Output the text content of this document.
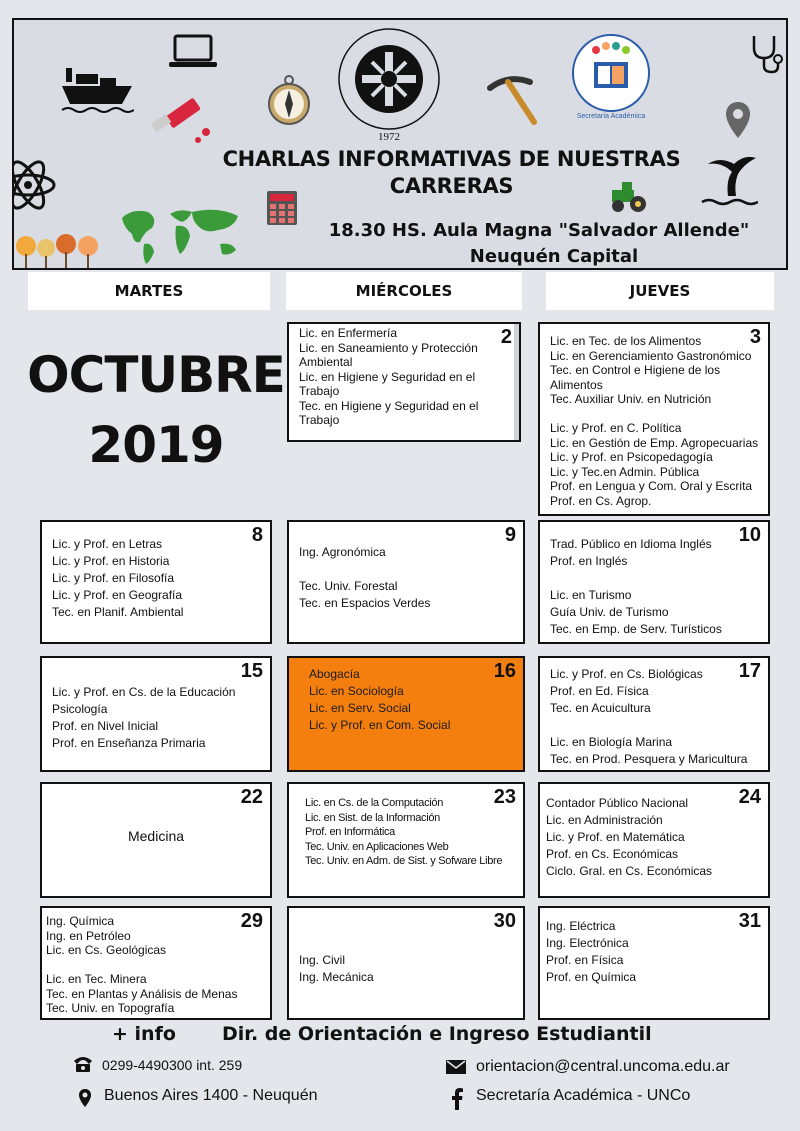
1972
Secretaría Académica
CHARLAS INFORMATIVAS DE NUESTRAS
CARRERAS
18.30 HS. Aula Magna "Salvador Allende"
Neuquén Capital
MARTES	MIÉRCOLES	JUEVES
OCTUBRE
2019
2
Lic. en Enfermería
Lic. en Saneamiento y Protección
Ambiental
Lic. en Higiene y Seguridad en el
Trabajo
Tec. en Higiene y Seguridad en el
Trabajo
3
Lic. en Tec. de los Alimentos
Lic. en Gerenciamiento Gastronómico
Tec. en Control e Higiene de los
Alimentos
Tec. Auxiliar Univ. en Nutrición
Lic. y Prof. en C. Política
Lic. en Gestión de Emp. Agropecuarias
Lic. y Prof. en Psicopedagogía
Lic. y Tec.en Admin. Pública
Prof. en Lengua y Com. Oral y Escrita
Prof. en Cs. Agrop.
8
Lic. y Prof. en Letras
Lic. y Prof. en Historia
Lic. y Prof. en Filosofía
Lic. y Prof. en Geografía
Tec. en Planif. Ambiental
9
Ing. Agronómica
Tec. Univ. Forestal
Tec. en Espacios Verdes
10
Trad. Público en Idioma Inglés
Prof. en Inglés
Lic. en Turismo
Guía Univ. de Turismo
Tec. en Emp. de Serv. Turísticos
15
Lic. y Prof. en Cs. de la Educación
Psicología
Prof. en Nivel Inicial
Prof. en Enseñanza Primaria
16
Abogacía
Lic. en Sociología
Lic. en Serv. Social
Lic. y Prof. en Com. Social
17
Lic. y Prof. en Cs. Biológicas
Prof. en Ed. Física
Tec. en Acuicultura
Lic. en Biología Marina
Tec. en Prod. Pesquera y Maricultura
22
Medicina
23
Lic. en Cs. de la Computación
Lic. en Sist. de la Información
Prof. en Informática
Tec. Univ. en Aplicaciones Web
Tec. Univ. en Adm. de Sist. y Sofware Libre
24
Contador Público Nacional
Lic. en Administración
Lic. y Prof. en Matemática
Prof. en Cs. Económicas
Ciclo. Gral. en Cs. Económicas
29
Ing. Química
Ing. en Petróleo
Lic. en Cs. Geológicas
Lic. en Tec. Minera
Tec. en Plantas y Análisis de Menas
Tec. Univ. en Topografía
30
Ing. Civil
Ing. Mecánica
31
Ing. Eléctrica
Ing. Electrónica
Prof. en Física
Prof. en Química
+ info Dir. de Orientación e Ingreso Estudiantil
0299-4490300 int. 259
Buenos Aires 1400 - Neuquén
orientacion@central.uncoma.edu.ar
Secretaría Académica - UNCo
